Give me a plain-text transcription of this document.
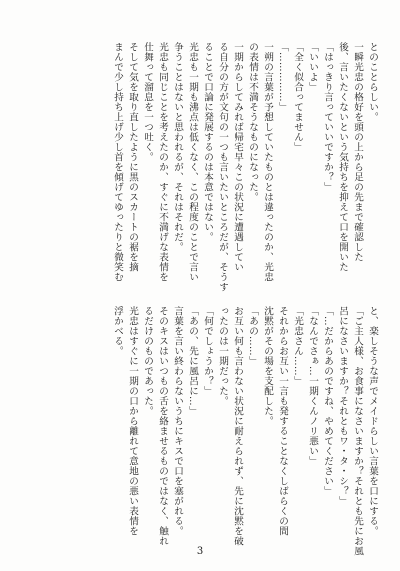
とのことらしい。
一瞬光忠の格好を頭の上から足の先まで確認した
後、言いたくないという気持ちを抑えて口を開いた
「はっきり言っていいですか？」
「いいよ」
「全く似合ってません」
「……………」
一朔の言葉が予想していたものとは違ったのか、光忠
の表情は不満そうなものになった。
一期からしてみれば帰宅早々この状況に遭遇してい
る自分の方が文句の一つも言いたいところだが、そうす
ることで口論に発展するのは本意ではない。
光忠も一期も沸点は低くなく、この程度のことで言い
争うことはないと思われるが、それはそれだ。
光忠も同じことを考えたのか、すぐに不満げな表情を
仕舞って溜息を一つ吐く。
そして気を取り直したように黒のスカートの裾を摘
まんで少し持ち上げ少し首を傾げてゆったりと微笑む
と、楽しそうな声でメイドらしい言葉を口にする。
「ご主人様、お食事になさいますか？それとも先にお風
呂になさいますか？それともワ・タ・シ？」
「…だからあのですね、やめてください」
「なんでさぁ…一期くんノリ悪い」
「光忠さん……」
それからお互い一言も発することなくしばらくの間
沈黙がその場を支配した。
「あの……」
お互い何も言わない状況に耐えられず、先に沈黙を破
ったのは一期だった。
「何でしょうか？」
「あの、先に風呂に…」
言葉を言い終わらないうちにキスで口を塞がれる。
そのキスはいつもの舌を絡ませるものではなく、触れ
るだけのものであった。
光忠はすぐに一期の口から離れて意地の悪い表情を
浮かべる。
3
